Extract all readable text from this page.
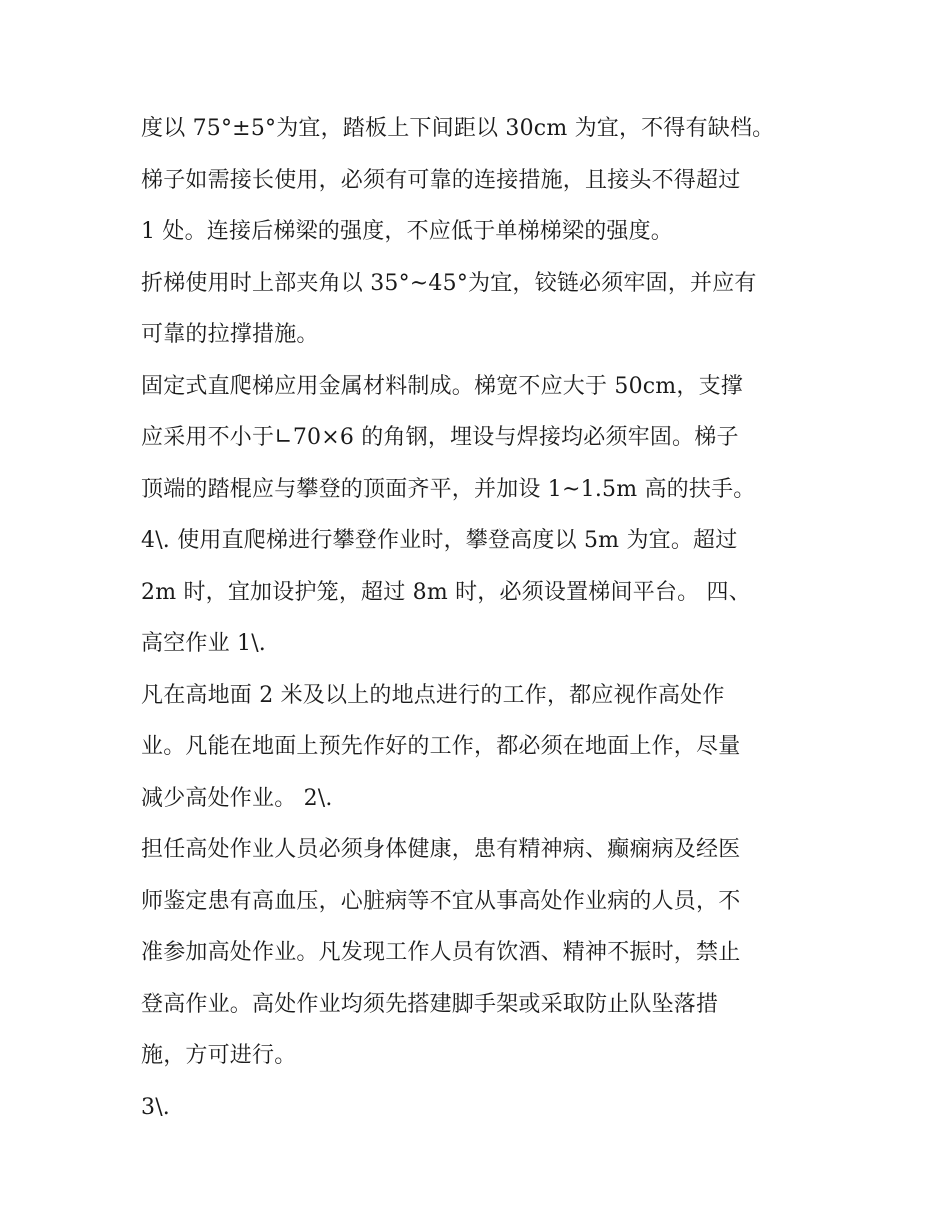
度以 75°±5°为宜，踏板上下间距以 30cm 为宜，不得有缺档。
梯子如需接长使用，必须有可靠的连接措施，且接头不得超过
1 处。连接后梯梁的强度，不应低于单梯梯梁的强度。
折梯使用时上部夹角以 35°~45°为宜，铰链必须牢固，并应有
可靠的拉撑措施。
固定式直爬梯应用金属材料制成。梯宽不应大于 50cm，支撑
应采用不小于∟70×6 的角钢，埋设与焊接均必须牢固。梯子
顶端的踏棍应与攀登的顶面齐平，并加设 1~1.5m 高的扶手。
4\. 使用直爬梯进行攀登作业时，攀登高度以 5m 为宜。超过
2m 时，宜加设护笼，超过 8m 时，必须设置梯间平台。 四、
高空作业 1\.
凡在高地面 2 米及以上的地点进行的工作，都应视作高处作
业。凡能在地面上预先作好的工作，都必须在地面上作，尽量
减少高处作业。 2\.
担任高处作业人员必须身体健康，患有精神病、癫痫病及经医
师鉴定患有高血压，心脏病等不宜从事高处作业病的人员，不
准参加高处作业。凡发现工作人员有饮酒、精神不振时，禁止
登高作业。高处作业均须先搭建脚手架或采取防止队坠落措
施，方可进行。
3\.
